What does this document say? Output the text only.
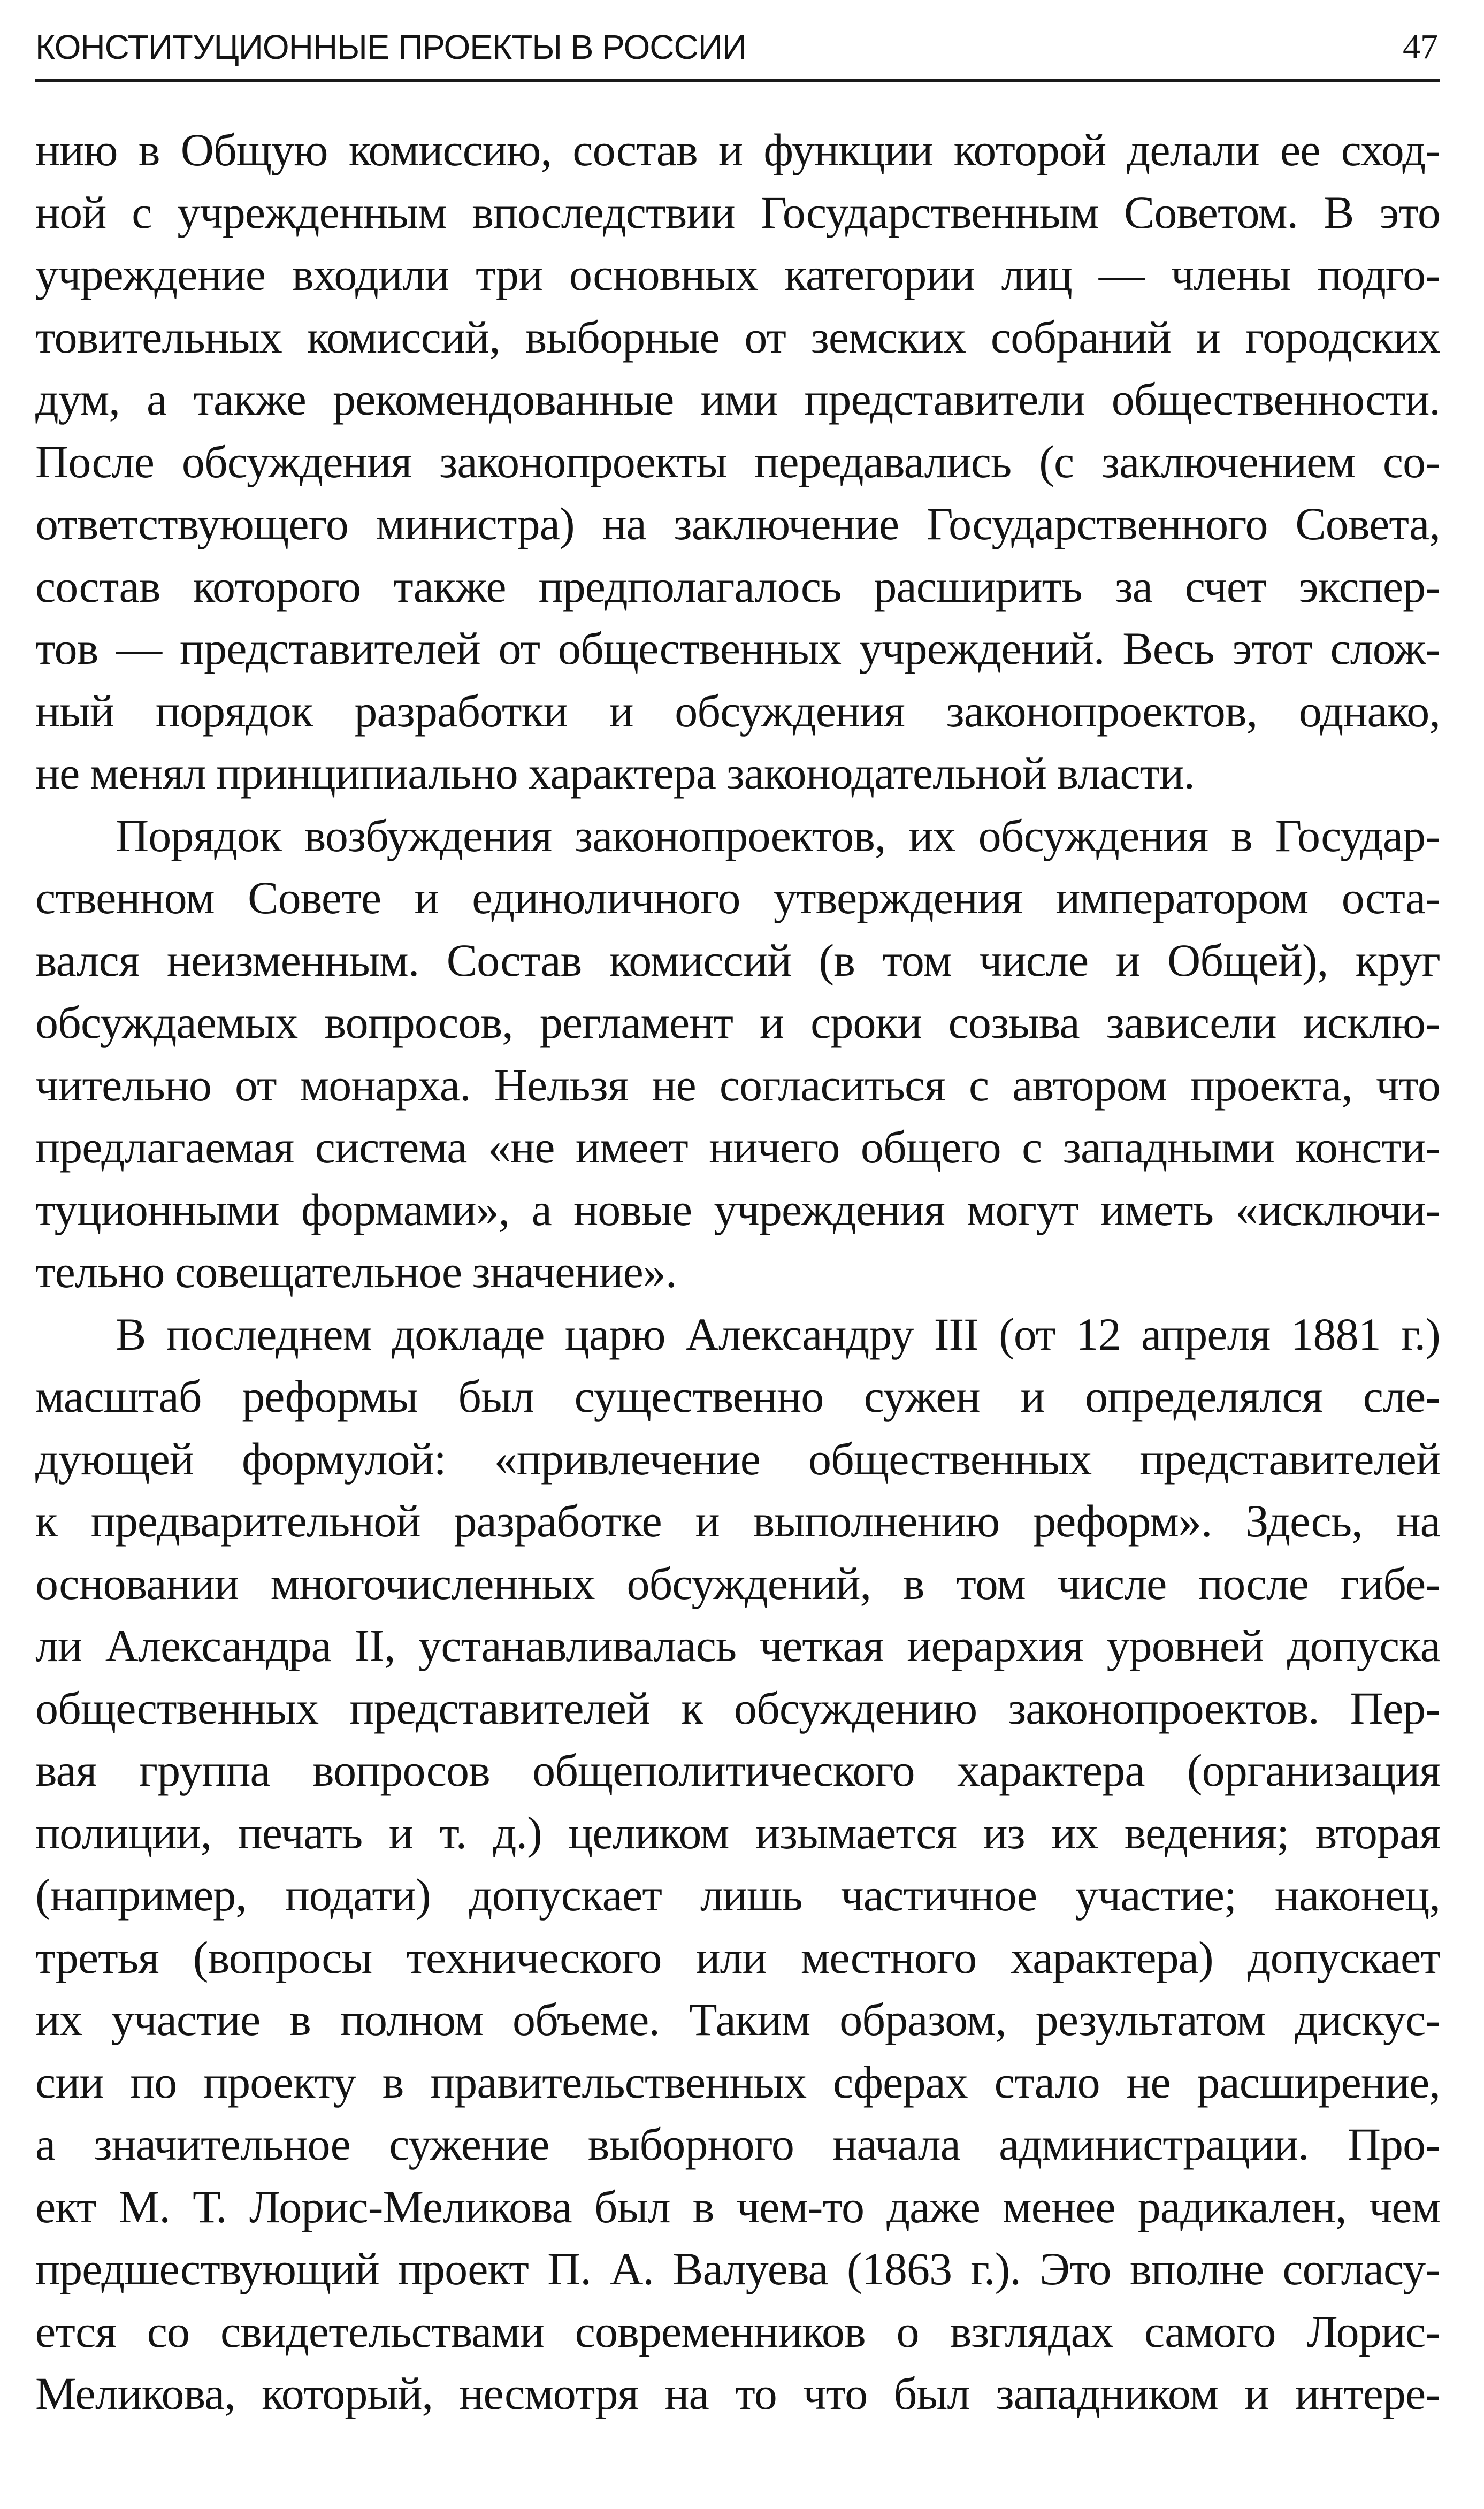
КОНСТИТУЦИОННЫЕ ПРОЕКТЫ В РОССИИ	47
нию в Общую комиссию, состав и функции которой делали ее сход-
ной с учрежденным впоследствии Государственным Советом. В это
учреждение входили три основных категории лиц — члены подго-
товительных комиссий, выборные от земских собраний и городских
дум, а также рекомендованные ими представители общественности.
После обсуждения законопроекты передавались (с заключением со-
ответствующего министра) на заключение Государственного Совета,
состав которого также предполагалось расширить за счет экспер-
тов — представителей от общественных учреждений. Весь этот слож-
ный порядок разработки и обсуждения законопроектов, однако,
не менял принципиально характера законодательной власти.
Порядок возбуждения законопроектов, их обсуждения в Государ-
ственном Совете и единоличного утверждения императором оста-
вался неизменным. Состав комиссий (в том числе и Общей), круг
обсуждаемых вопросов, регламент и сроки созыва зависели исклю-
чительно от монарха. Нельзя не согласиться с автором проекта, что
предлагаемая система «не имеет ничего общего с западными консти-
туционными формами», а новые учреждения могут иметь «исключи-
тельно совещательное значение».
В последнем докладе царю Александру III (от 12 апреля 1881 г.)
масштаб реформы был существенно сужен и определялся сле-
дующей формулой: «привлечение общественных представителей
к предварительной разработке и выполнению реформ». Здесь, на
основании многочисленных обсуждений, в том числе после гибе-
ли Александра II, устанавливалась четкая иерархия уровней допуска
общественных представителей к обсуждению законопроектов. Пер-
вая группа вопросов общеполитического характера (организация
полиции, печать и т. д.) целиком изымается из их ведения; вторая
(например, подати) допускает лишь частичное участие; наконец,
третья (вопросы технического или местного характера) допускает
их участие в полном объеме. Таким образом, результатом дискус-
сии по проекту в правительственных сферах стало не расширение,
а значительное сужение выборного начала администрации. Про-
ект М. Т. Лорис-Меликова был в чем-то даже менее радикален, чем
предшествующий проект П. А. Валуева (1863 г.). Это вполне согласу-
ется со свидетельствами современников о взглядах самого Лорис-
Меликова, который, несмотря на то что был западником и интере-
